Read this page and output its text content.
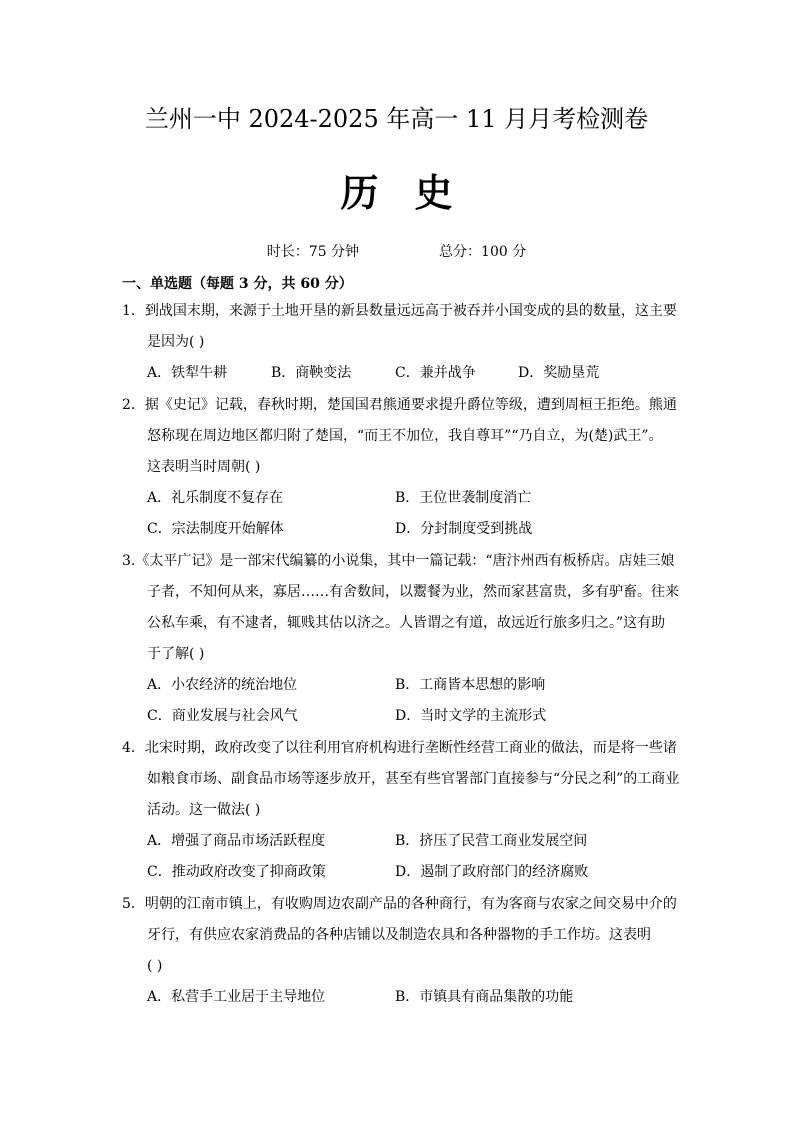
兰州一中 2024-2025 年高一 11 月月考检测卷
历史
时长：75 分钟	总分：100 分
一、单选题（每题 3 分，共 60 分）
1．到战国末期，来源于土地开垦的新县数量远远高于被吞并小国变成的县的数量，这主要
是因为( )
A．铁犁牛耕	B．商鞅变法	C．兼并战争	D．奖励垦荒
2．据《史记》记载，春秋时期，楚国国君熊通要求提升爵位等级，遭到周桓王拒绝。熊通
怒称现在周边地区都归附了楚国，“而王不加位，我自尊耳”“乃自立，为(楚)武王”。
这表明当时周朝( )
A．礼乐制度不复存在	B．王位世袭制度消亡
C．宗法制度开始解体	D．分封制度受到挑战
3.《太平广记》是一部宋代编纂的小说集，其中一篇记载：“唐汴州西有板桥店。店娃三娘
子者，不知何从来，寡居……有舍数间，以鬻餐为业，然而家甚富贵，多有驴畜。往来
公私车乘，有不逮者，辄贱其估以济之。人皆谓之有道，故远近行旅多归之。”这有助
于了解( )
A．小农经济的统治地位	B．工商皆本思想的影响
C．商业发展与社会风气	D．当时文学的主流形式
4．北宋时期，政府改变了以往利用官府机构进行垄断性经营工商业的做法，而是将一些诸
如粮食市场、副食品市场等逐步放开，甚至有些官署部门直接参与“分民之利”的工商业
活动。这一做法( )
A．增强了商品市场活跃程度	B．挤压了民营工商业发展空间
C．推动政府改变了抑商政策	D．遏制了政府部门的经济腐败
5．明朝的江南市镇上，有收购周边农副产品的各种商行，有为客商与农家之间交易中介的
牙行，有供应农家消费品的各种店铺以及制造农具和各种器物的手工作坊。这表明
( )
A．私营手工业居于主导地位	B．市镇具有商品集散的功能
